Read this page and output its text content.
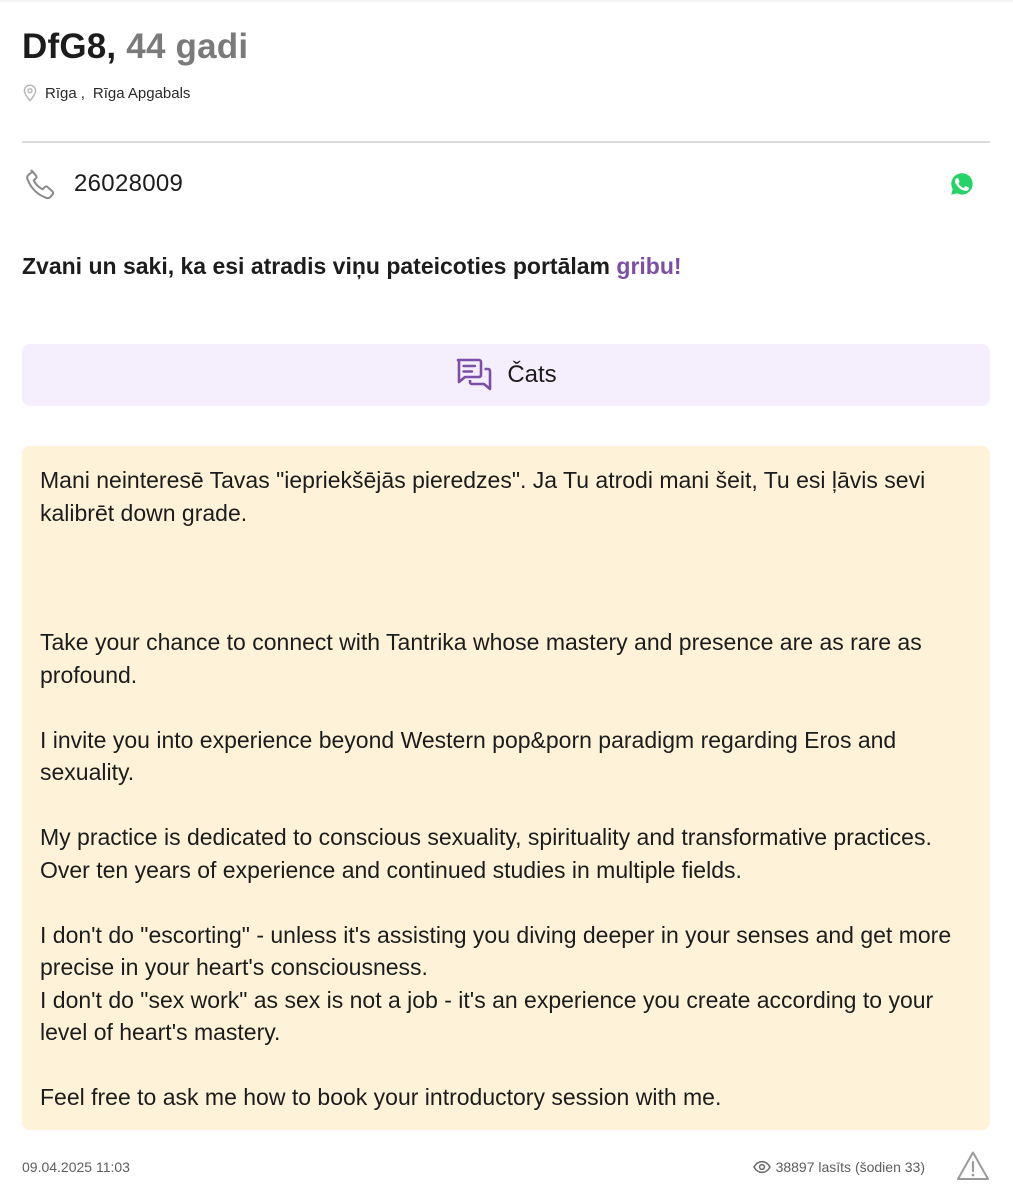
DfG8, 44 gadi
Rīga , Rīga Apgabals
26028009
Zvani un saki, ka esi atradis viņu pateicoties portālam gribu!
Čats

Mani neinteresē Tavas "iepriekšējās pieredzes". Ja Tu atrodi mani šeit, Tu esi ļāvis sevi kalibrēt down grade.

Take your chance to connect with Tantrika whose mastery and presence are as rare as profound.

I invite you into experience beyond Western pop&porn paradigm regarding Eros and sexuality.

My practice is dedicated to conscious sexuality, spirituality and transformative practices. Over ten years of experience and continued studies in multiple fields.

I don't do "escorting" - unless it's assisting you diving deeper in your senses and get more precise in your heart's consciousness.

I don't do "sex work" as sex is not a job - it's an experience you create according to your level of heart's mastery.

Feel free to ask me how to book your introductory session with me.

09.04.2025 11:03	38897 lasīts (šodien 33)
